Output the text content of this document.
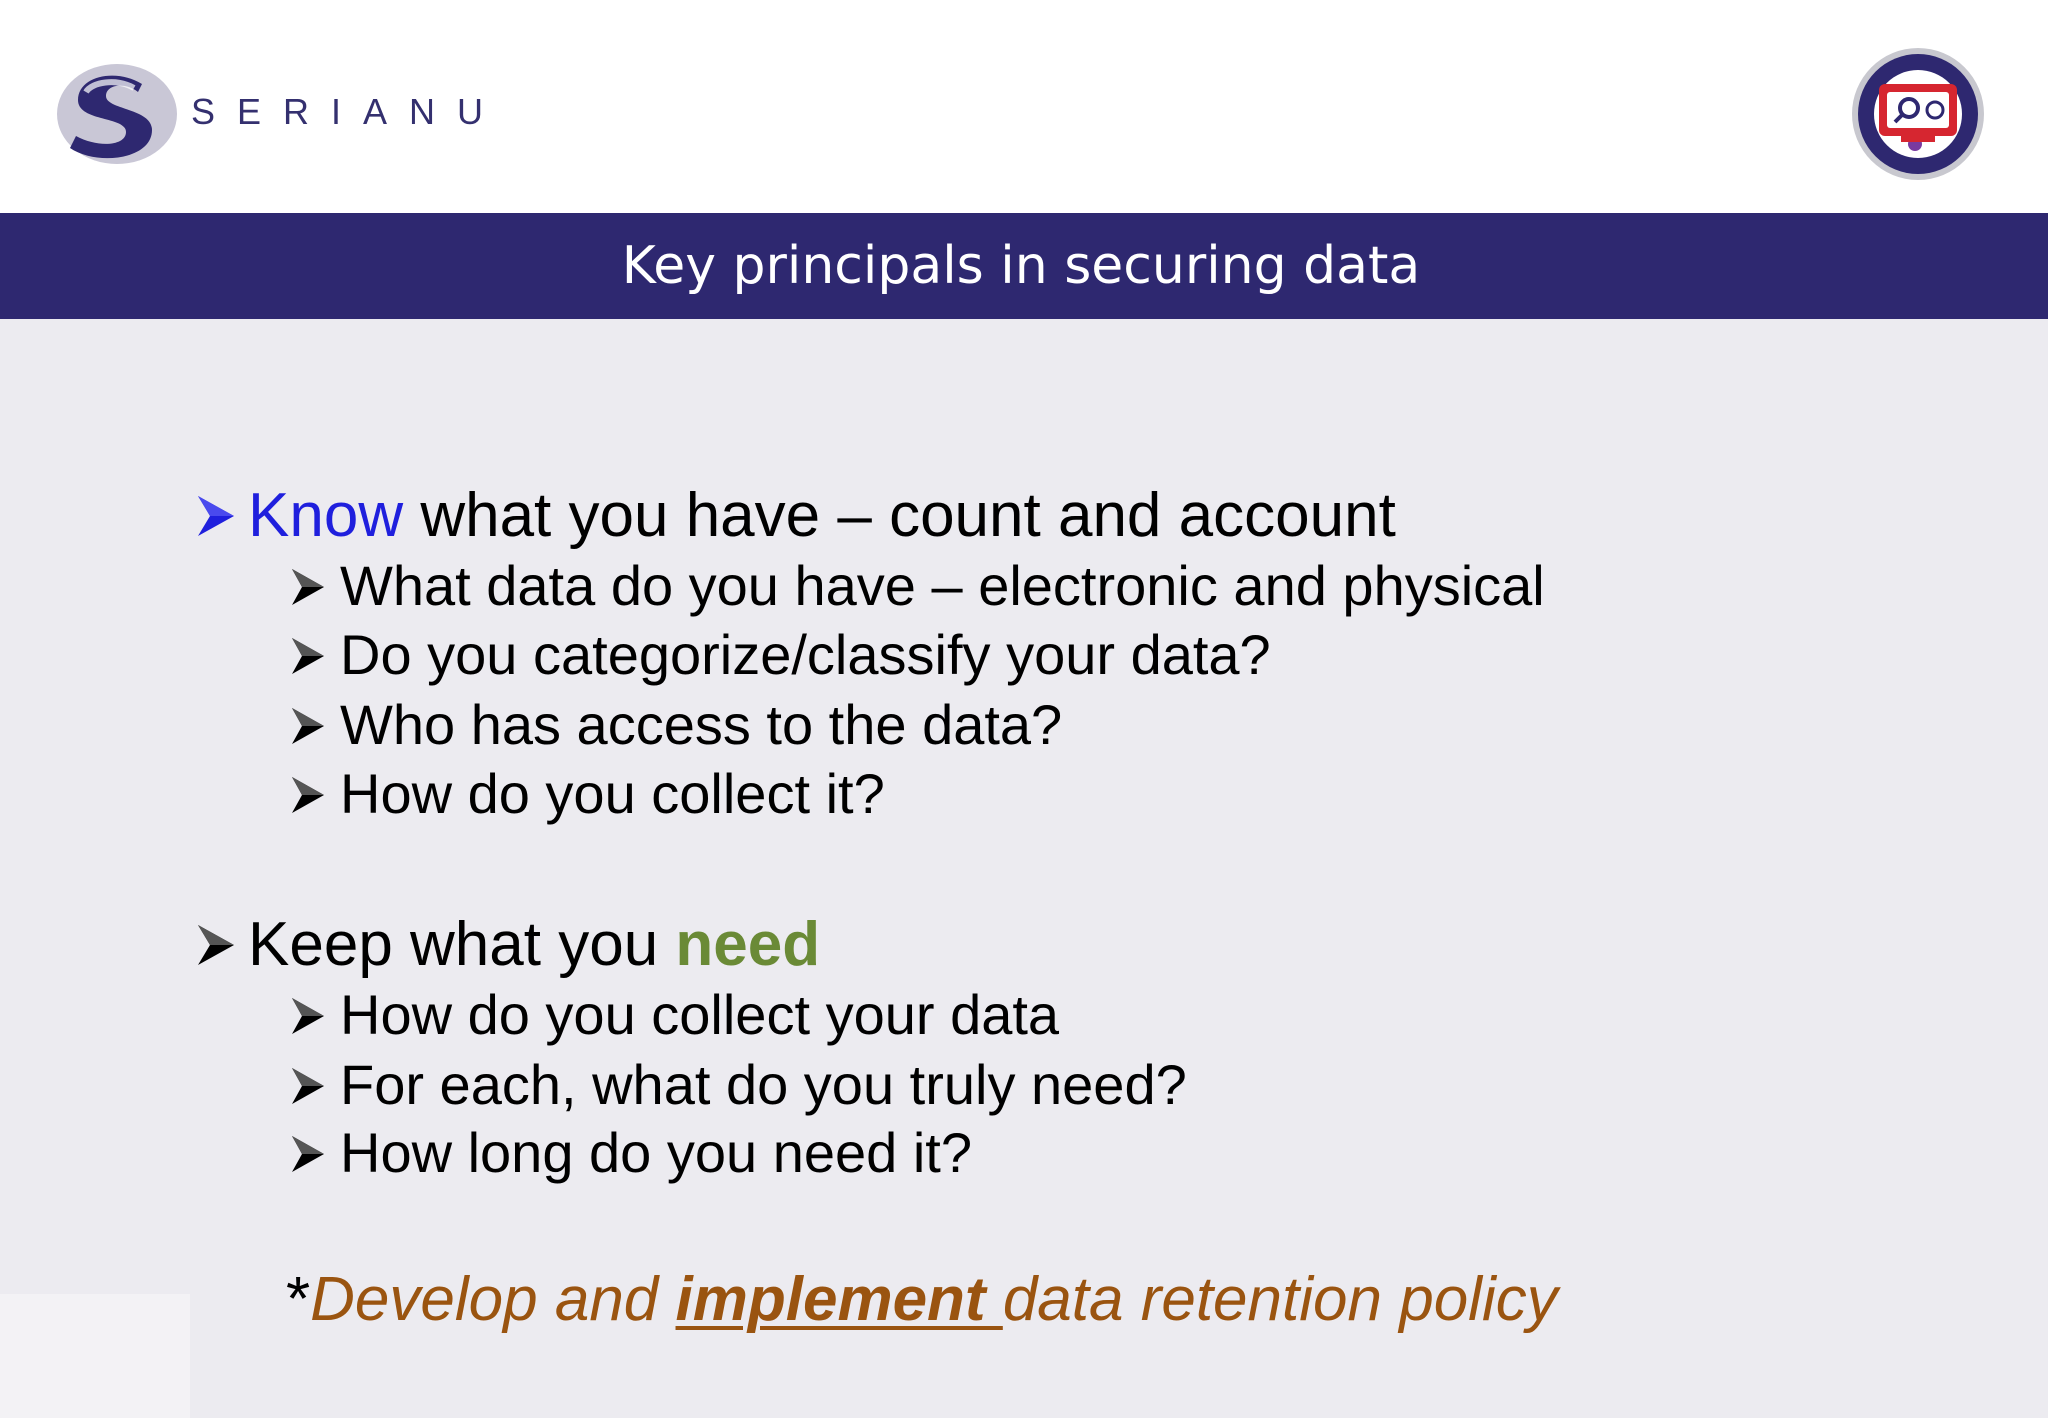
SERIANU
Key principals in securing data
Know what you have – count and account
What data do you have – electronic and physical
Do you categorize/classify your data?
Who has access to the data?
How do you collect it?
Keep what you need
How do you collect your data
For each, what do you truly need?
How long do you need it?
*Develop and implement data retention policy
